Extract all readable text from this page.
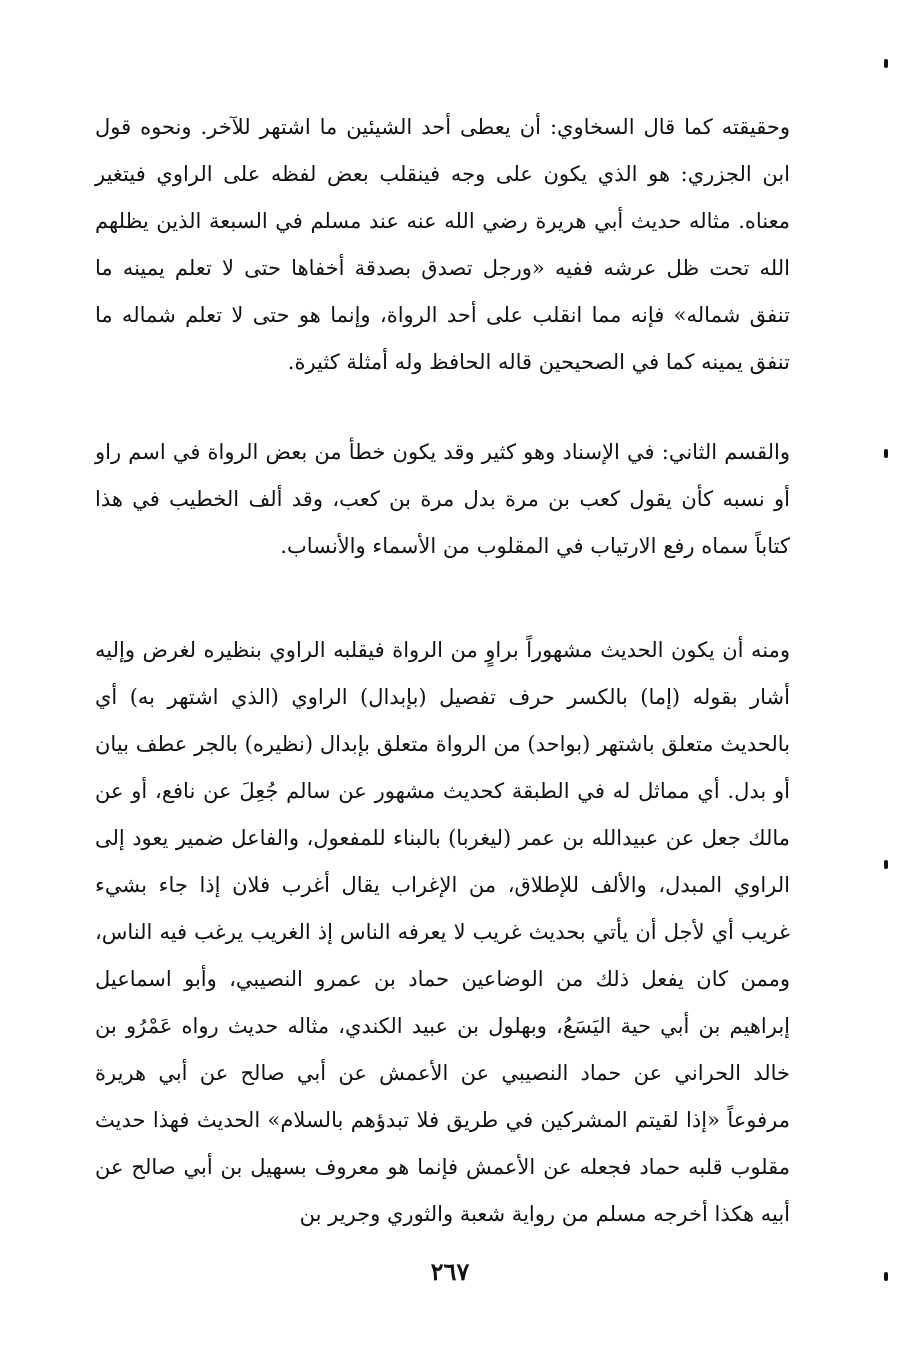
وحقيقته كما قال السخاوي: أن يعطى أحد الشيئين ما اشتهر للآخر. ونحوه قول ابن الجزري: هو الذي يكون على وجه فينقلب بعض لفظه على الراوي فيتغير معناه. مثاله حديث أبي هريرة رضي الله عنه عند مسلم في السبعة الذين يظلهم الله تحت ظل عرشه ففيه «ورجل تصدق بصدقة أخفاها حتى لا تعلم يمينه ما تنفق شماله» فإنه مما انقلب على أحد الرواة، وإنما هو حتى لا تعلم شماله ما تنفق يمينه كما في الصحيحين قاله الحافظ وله أمثلة كثيرة.

والقسم الثاني: في الإسناد وهو كثير وقد يكون خطأ من بعض الرواة في اسم راو أو نسبه كأن يقول كعب بن مرة بدل مرة بن كعب، وقد ألف الخطيب في هذا كتاباً سماه رفع الارتياب في المقلوب من الأسماء والأنساب.

ومنه أن يكون الحديث مشهوراً براوٍ من الرواة فيقلبه الراوي بنظيره لغرض وإليه أشار بقوله (إما) بالكسر حرف تفصيل (بإبدال) الراوي (الذي اشتهر به) أي بالحديث متعلق باشتهر (بواحد) من الرواة متعلق بإبدال (نظيره) بالجر عطف بيان أو بدل. أي مماثل له في الطبقة كحديث مشهور عن سالم جُعِلَ عن نافع، أو عن مالك جعل عن عبيدالله بن عمر (ليغربا) بالبناء للمفعول، والفاعل ضمير يعود إلى الراوي المبدل، والألف للإطلاق، من الإغراب يقال أغرب فلان إذا جاء بشيء غريب أي لأجل أن يأتي بحديث غريب لا يعرفه الناس إذ الغريب يرغب فيه الناس، وممن كان يفعل ذلك من الوضاعين حماد بن عمرو النصيبي، وأبو اسماعيل إبراهيم بن أبي حية اليَسَعُ، وبهلول بن عبيد الكندي، مثاله حديث رواه عَمْرُو بن خالد الحراني عن حماد النصيبي عن الأعمش عن أبي صالح عن أبي هريرة مرفوعاً «إذا لقيتم المشركين في طريق فلا تبدؤهم بالسلام» الحديث فهذا حديث مقلوب قلبه حماد فجعله عن الأعمش فإنما هو معروف بسهيل بن أبي صالح عن أبيه هكذا أخرجه مسلم من رواية شعبة والثوري وجرير بن

٢٦٧
